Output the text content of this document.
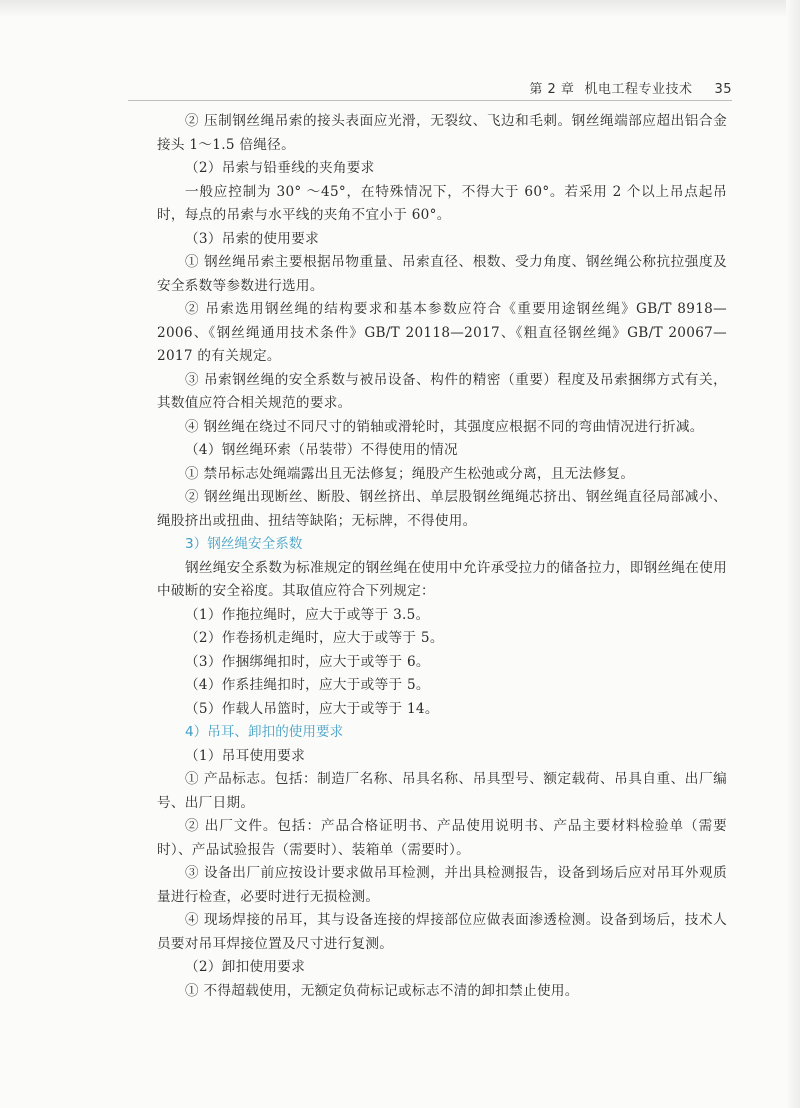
第 2 章 机电工程专业技术 35

② 压制钢丝绳吊索的接头表面应光滑，无裂纹、飞边和毛刺。钢丝绳端部应超出铝合金接头 1～1.5 倍绳径。

（2）吊索与铅垂线的夹角要求

一般应控制为 30° ～45°，在特殊情况下，不得大于 60°。若采用 2 个以上吊点起吊时，每点的吊索与水平线的夹角不宜小于 60°。

（3）吊索的使用要求

① 钢丝绳吊索主要根据吊物重量、吊索直径、根数、受力角度、钢丝绳公称抗拉强度及安全系数等参数进行选用。

② 吊索选用钢丝绳的结构要求和基本参数应符合《重要用途钢丝绳》GB/T 8918—2006、《钢丝绳通用技术条件》GB/T 20118—2017、《粗直径钢丝绳》GB/T 20067—2017 的有关规定。

③ 吊索钢丝绳的安全系数与被吊设备、构件的精密（重要）程度及吊索捆绑方式有关，其数值应符合相关规范的要求。

④ 钢丝绳在绕过不同尺寸的销轴或滑轮时，其强度应根据不同的弯曲情况进行折减。

（4）钢丝绳环索（吊装带）不得使用的情况

① 禁吊标志处绳端露出且无法修复；绳股产生松弛或分离，且无法修复。

② 钢丝绳出现断丝、断股、钢丝挤出、单层股钢丝绳绳芯挤出、钢丝绳直径局部减小、绳股挤出或扭曲、扭结等缺陷；无标牌，不得使用。

3）钢丝绳安全系数

钢丝绳安全系数为标准规定的钢丝绳在使用中允许承受拉力的储备拉力，即钢丝绳在使用中破断的安全裕度。其取值应符合下列规定：

（1）作拖拉绳时，应大于或等于 3.5。

（2）作卷扬机走绳时，应大于或等于 5。

（3）作捆绑绳扣时，应大于或等于 6。

（4）作系挂绳扣时，应大于或等于 5。

（5）作载人吊篮时，应大于或等于 14。

4）吊耳、卸扣的使用要求

（1）吊耳使用要求

① 产品标志。包括：制造厂名称、吊具名称、吊具型号、额定载荷、吊具自重、出厂编号、出厂日期。

② 出厂文件。包括：产品合格证明书、产品使用说明书、产品主要材料检验单（需要时）、产品试验报告（需要时）、装箱单（需要时）。

③ 设备出厂前应按设计要求做吊耳检测，并出具检测报告，设备到场后应对吊耳外观质量进行检查，必要时进行无损检测。

④ 现场焊接的吊耳，其与设备连接的焊接部位应做表面渗透检测。设备到场后，技术人员要对吊耳焊接位置及尺寸进行复测。

（2）卸扣使用要求

① 不得超载使用，无额定负荷标记或标志不清的卸扣禁止使用。
